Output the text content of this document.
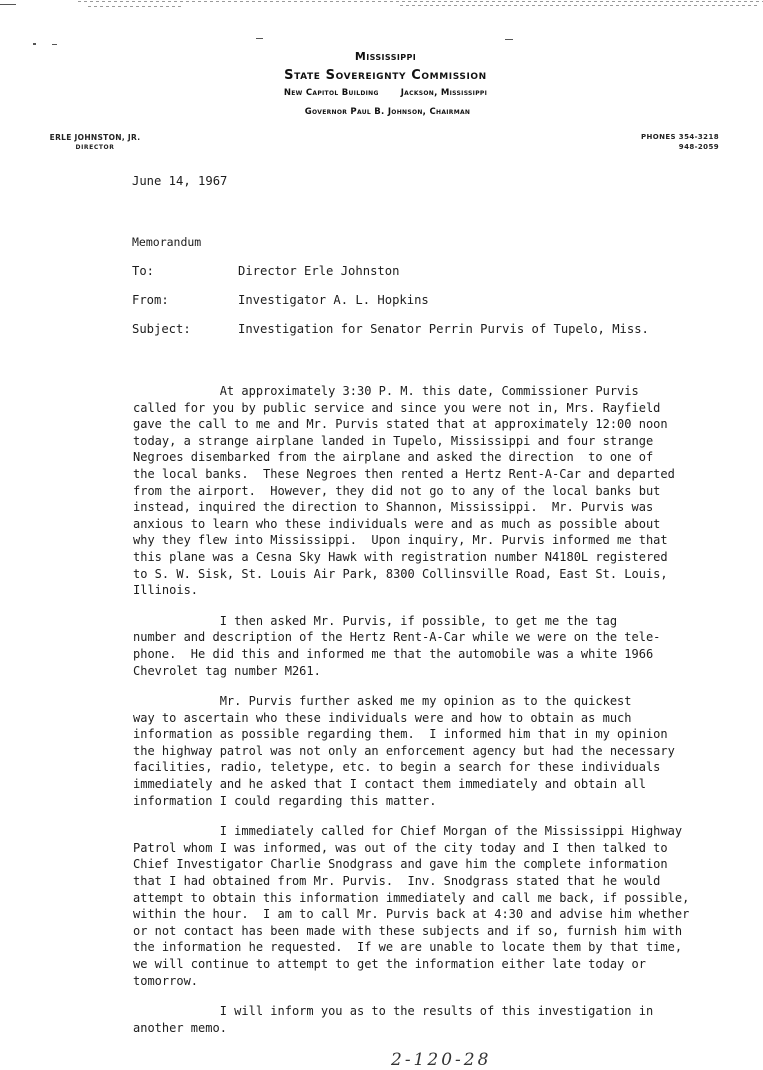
Mississippi
State Sovereignty Commission
New Capitol Building	Jackson, Mississippi
Governor Paul B. Johnson, Chairman
ERLE JOHNSTON, JR.
DIRECTOR
PHONES 354-3218
948-2059
June 14, 1967
Memorandum
To:	Director Erle Johnston
From:	Investigator A. L. Hopkins
Subject:	Investigation for Senator Perrin Purvis of Tupelo, Miss.
At approximately 3:30 P. M. this date, Commissioner Purvis
called for you by public service and since you were not in, Mrs. Rayfield
gave the call to me and Mr. Purvis stated that at approximately 12:00 noon
today, a strange airplane landed in Tupelo, Mississippi and four strange
Negroes disembarked from the airplane and asked the direction  to one of
the local banks.  These Negroes then rented a Hertz Rent-A-Car and departed
from the airport.  However, they did not go to any of the local banks but
instead, inquired the direction to Shannon, Mississippi.  Mr. Purvis was
anxious to learn who these individuals were and as much as possible about
why they flew into Mississippi.  Upon inquiry, Mr. Purvis informed me that
this plane was a Cesna Sky Hawk with registration number N4180L registered
to S. W. Sisk, St. Louis Air Park, 8300 Collinsville Road, East St. Louis,
Illinois.
I then asked Mr. Purvis, if possible, to get me the tag
number and description of the Hertz Rent-A-Car while we were on the tele-
phone.  He did this and informed me that the automobile was a white 1966
Chevrolet tag number M261.
Mr. Purvis further asked me my opinion as to the quickest
way to ascertain who these individuals were and how to obtain as much
information as possible regarding them.  I informed him that in my opinion
the highway patrol was not only an enforcement agency but had the necessary
facilities, radio, teletype, etc. to begin a search for these individuals
immediately and he asked that I contact them immediately and obtain all
information I could regarding this matter.
I immediately called for Chief Morgan of the Mississippi Highway
Patrol whom I was informed, was out of the city today and I then talked to
Chief Investigator Charlie Snodgrass and gave him the complete information
that I had obtained from Mr. Purvis.  Inv. Snodgrass stated that he would
attempt to obtain this information immediately and call me back, if possible,
within the hour.  I am to call Mr. Purvis back at 4:30 and advise him whether
or not contact has been made with these subjects and if so, furnish him with
the information he requested.  If we are unable to locate them by that time,
we will continue to attempt to get the information either late today or
tomorrow.
I will inform you as to the results of this investigation in
another memo.
2-120-28
